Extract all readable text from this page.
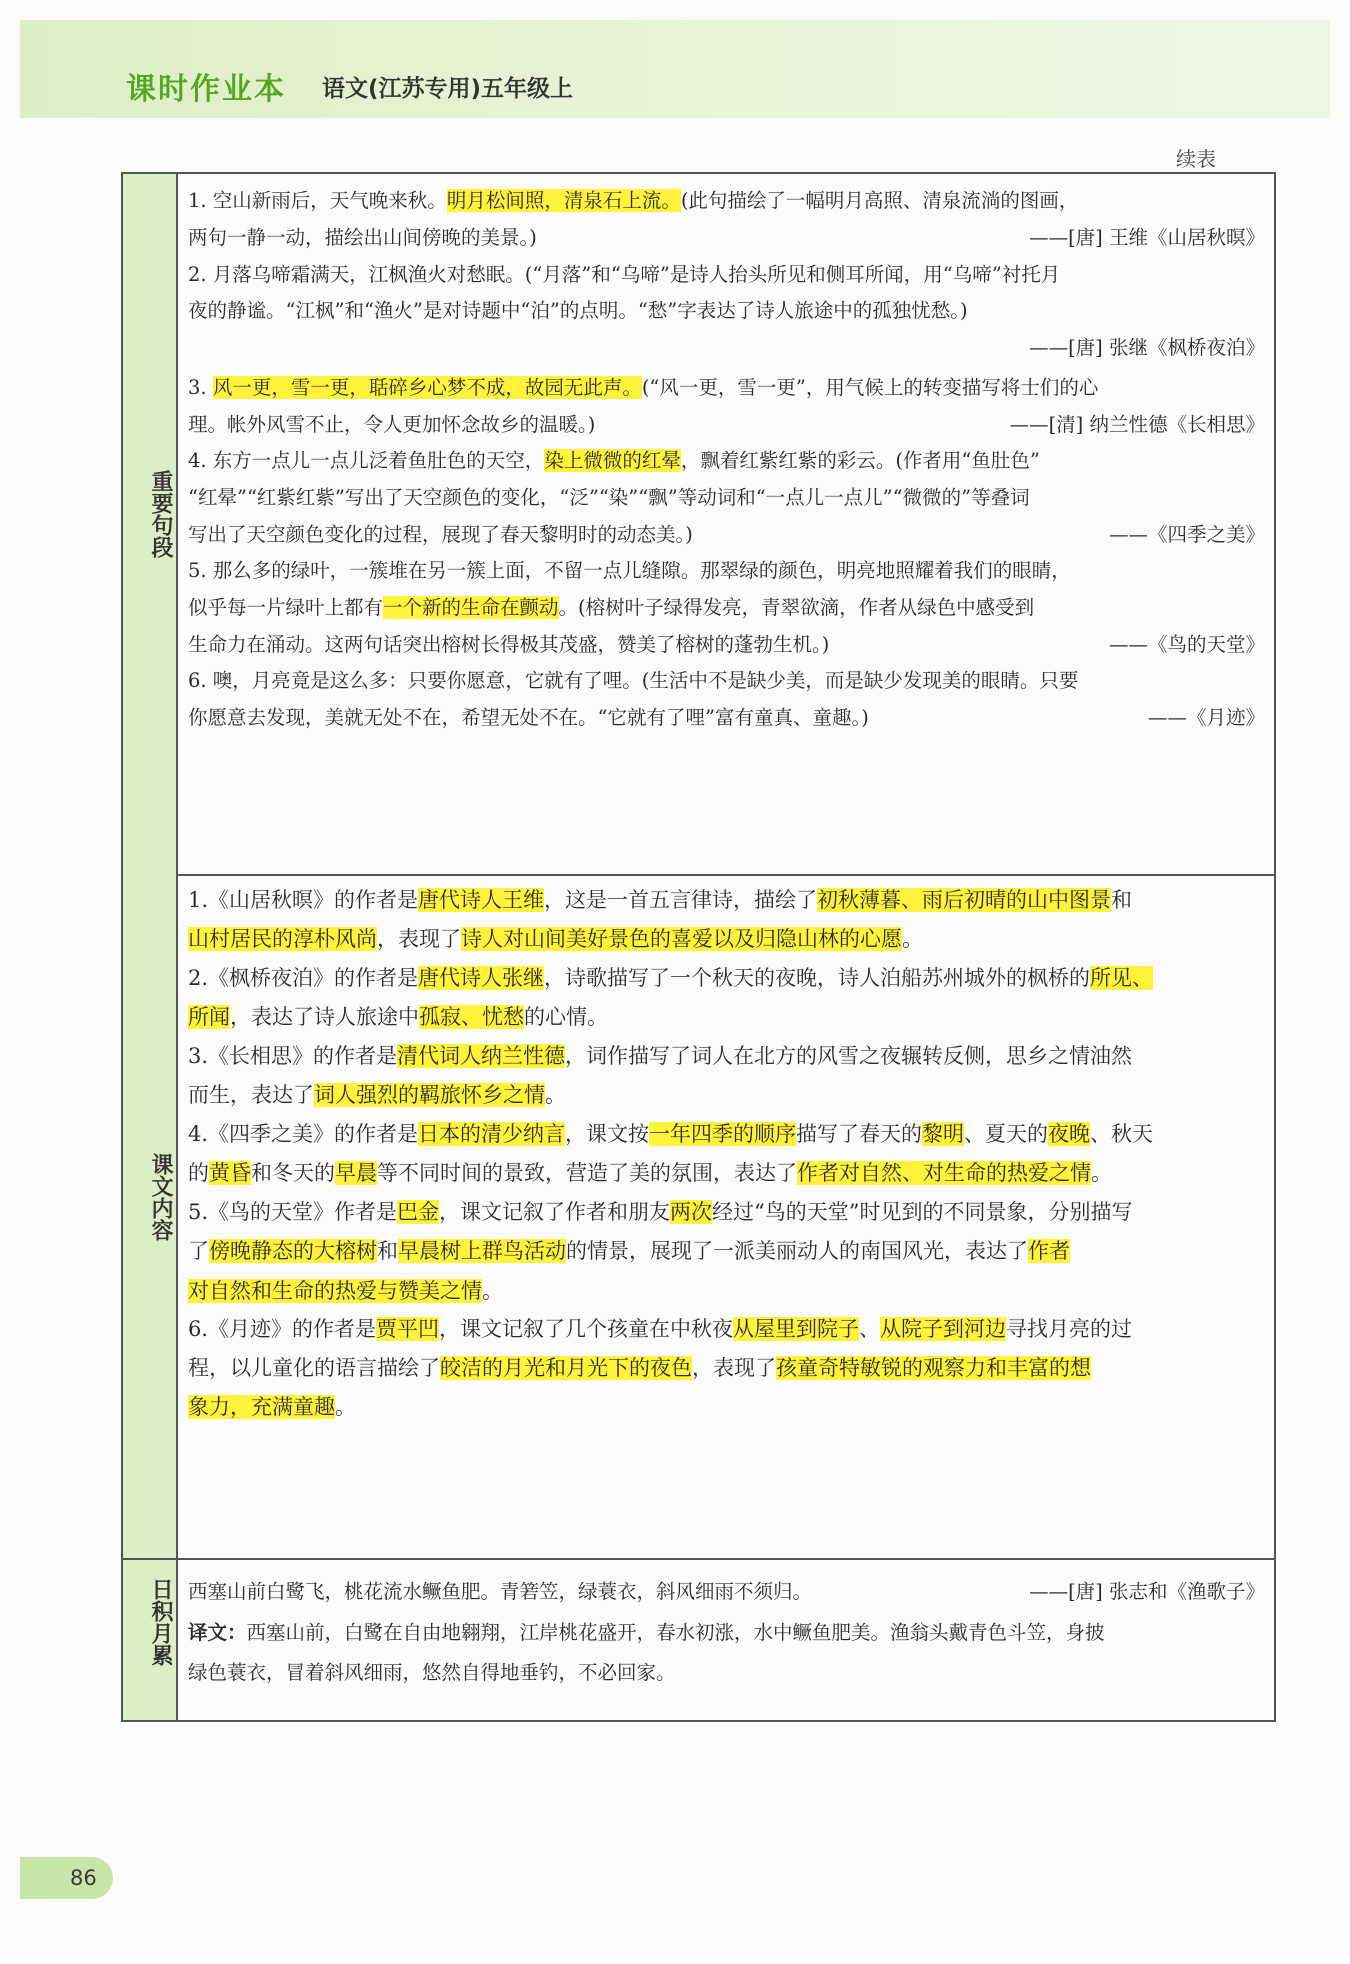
课时作业本 语文(江苏专用)五年级上
续表
重要句段
1. 空山新雨后，天气晚来秋。明月松间照，清泉石上流。(此句描绘了一幅明月高照、清泉流淌的图画，
两句一静一动，描绘出山间傍晚的美景。)
2. 月落乌啼霜满天，江枫渔火对愁眠。(“月落”和“乌啼”是诗人抬头所见和侧耳所闻，用“乌啼”衬托月
夜的静谧。“江枫”和“渔火”是对诗题中“泊”的点明。“愁”字表达了诗人旅途中的孤独忧愁。)
3. 风一更，雪一更，聒碎乡心梦不成，故园无此声。(“风一更，雪一更”，用气候上的转变描写将士们的心
理。帐外风雪不止，令人更加怀念故乡的温暖。)
4. 东方一点儿一点儿泛着鱼肚色的天空，染上微微的红晕，飘着红紫红紫的彩云。(作者用“鱼肚色”
“红晕”“红紫红紫”写出了天空颜色的变化，“泛”“染”“飘”等动词和“一点儿一点儿”“微微的”等叠词
写出了天空颜色变化的过程，展现了春天黎明时的动态美。)
5. 那么多的绿叶，一簇堆在另一簇上面，不留一点儿缝隙。那翠绿的颜色，明亮地照耀着我们的眼睛，
似乎每一片绿叶上都有一个新的生命在颤动。(榕树叶子绿得发亮，青翠欲滴，作者从绿色中感受到
生命力在涌动。这两句话突出榕树长得极其茂盛，赞美了榕树的蓬勃生机。)
6. 噢，月亮竟是这么多：只要你愿意，它就有了哩。(生活中不是缺少美，而是缺少发现美的眼睛。只要
你愿意去发现，美就无处不在，希望无处不在。“它就有了哩”富有童真、童趣。)
——[唐] 王维《山居秋暝》
——[唐] 张继《枫桥夜泊》
——[清] 纳兰性德《长相思》
——《四季之美》
——《鸟的天堂》
——《月迹》
课文内容
1.《山居秋暝》的作者是唐代诗人王维，这是一首五言律诗，描绘了初秋薄暮、雨后初晴的山中图景和
山村居民的淳朴风尚，表现了诗人对山间美好景色的喜爱以及归隐山林的心愿。
2.《枫桥夜泊》的作者是唐代诗人张继，诗歌描写了一个秋天的夜晚，诗人泊船苏州城外的枫桥的所见、
所闻，表达了诗人旅途中孤寂、忧愁的心情。
3.《长相思》的作者是清代词人纳兰性德，词作描写了词人在北方的风雪之夜辗转反侧，思乡之情油然
而生，表达了词人强烈的羁旅怀乡之情。
4.《四季之美》的作者是日本的清少纳言，课文按一年四季的顺序描写了春天的黎明、夏天的夜晚、秋天
的黄昏和冬天的早晨等不同时间的景致，营造了美的氛围，表达了作者对自然、对生命的热爱之情。
5.《鸟的天堂》作者是巴金，课文记叙了作者和朋友两次经过“鸟的天堂”时见到的不同景象，分别描写
了傍晚静态的大榕树和早晨树上群鸟活动的情景，展现了一派美丽动人的南国风光，表达了作者
对自然和生命的热爱与赞美之情。
6.《月迹》的作者是贾平凹，课文记叙了几个孩童在中秋夜从屋里到院子、从院子到河边寻找月亮的过
程，以儿童化的语言描绘了皎洁的月光和月光下的夜色，表现了孩童奇特敏锐的观察力和丰富的想
象力，充满童趣。
日积月累 西塞山前白鹭飞，桃花流水鳜鱼肥。青箬笠，绿蓑衣，斜风细雨不须归。	——[唐] 张志和《渔歌子》
译文：西塞山前，白鹭在自由地翱翔，江岸桃花盛开，春水初涨，水中鳜鱼肥美。渔翁头戴青色斗笠，身披
绿色蓑衣，冒着斜风细雨，悠然自得地垂钓，不必回家。
86
